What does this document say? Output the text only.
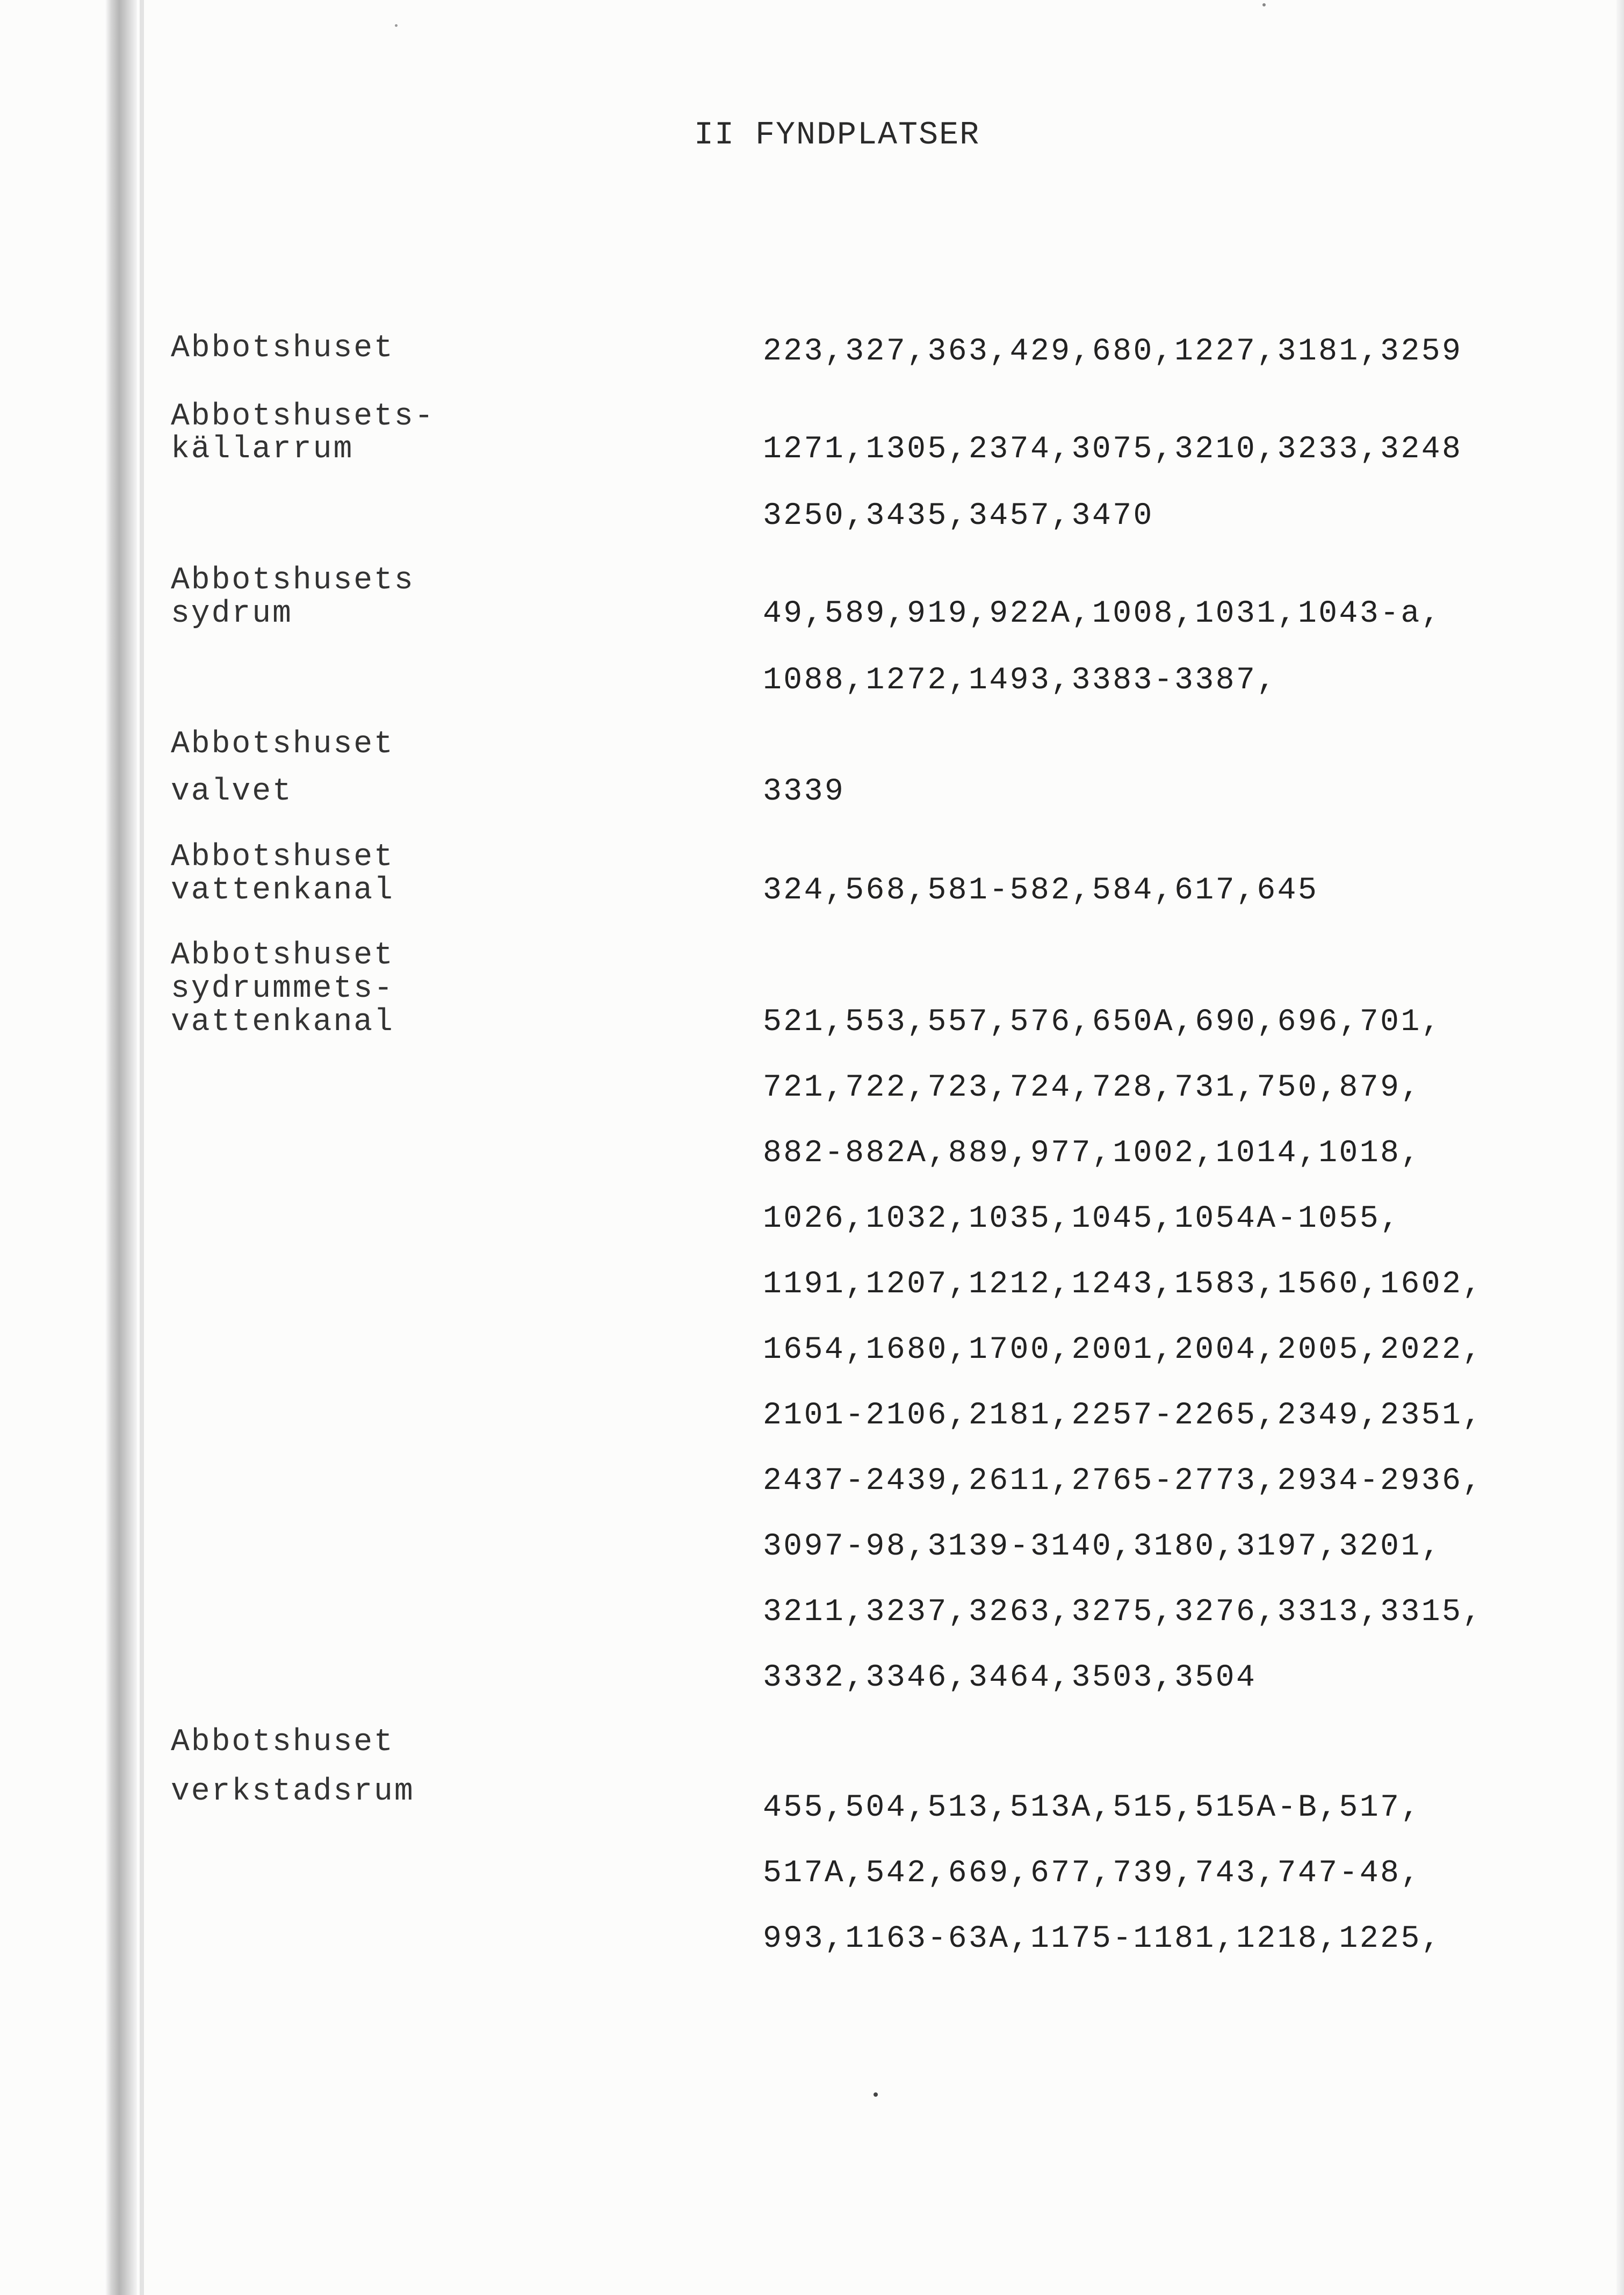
II FYNDPLATSER
Abbotshuset	223,327,363,429,680,1227,3181,3259
Abbotshusets-
källarrum	1271,1305,2374,3075,3210,3233,3248
3250,3435,3457,3470
Abbotshusets
sydrum	49,589,919,922A,1008,1031,1043-a,
1088,1272,1493,3383-3387,
Abbotshuset
valvet	3339
Abbotshuset
vattenkanal	324,568,581-582,584,617,645
Abbotshuset
sydrummets-
vattenkanal	521,553,557,576,650A,690,696,701,
721,722,723,724,728,731,750,879,
882-882A,889,977,1002,1014,1018,
1026,1032,1035,1045,1054A-1055,
1191,1207,1212,1243,1583,1560,1602,
1654,1680,1700,2001,2004,2005,2022,
2101-2106,2181,2257-2265,2349,2351,
2437-2439,2611,2765-2773,2934-2936,
3097-98,3139-3140,3180,3197,3201,
3211,3237,3263,3275,3276,3313,3315,
3332,3346,3464,3503,3504
Abbotshuset
verkstadsrum	455,504,513,513A,515,515A-B,517,
517A,542,669,677,739,743,747-48,
993,1163-63A,1175-1181,1218,1225,
